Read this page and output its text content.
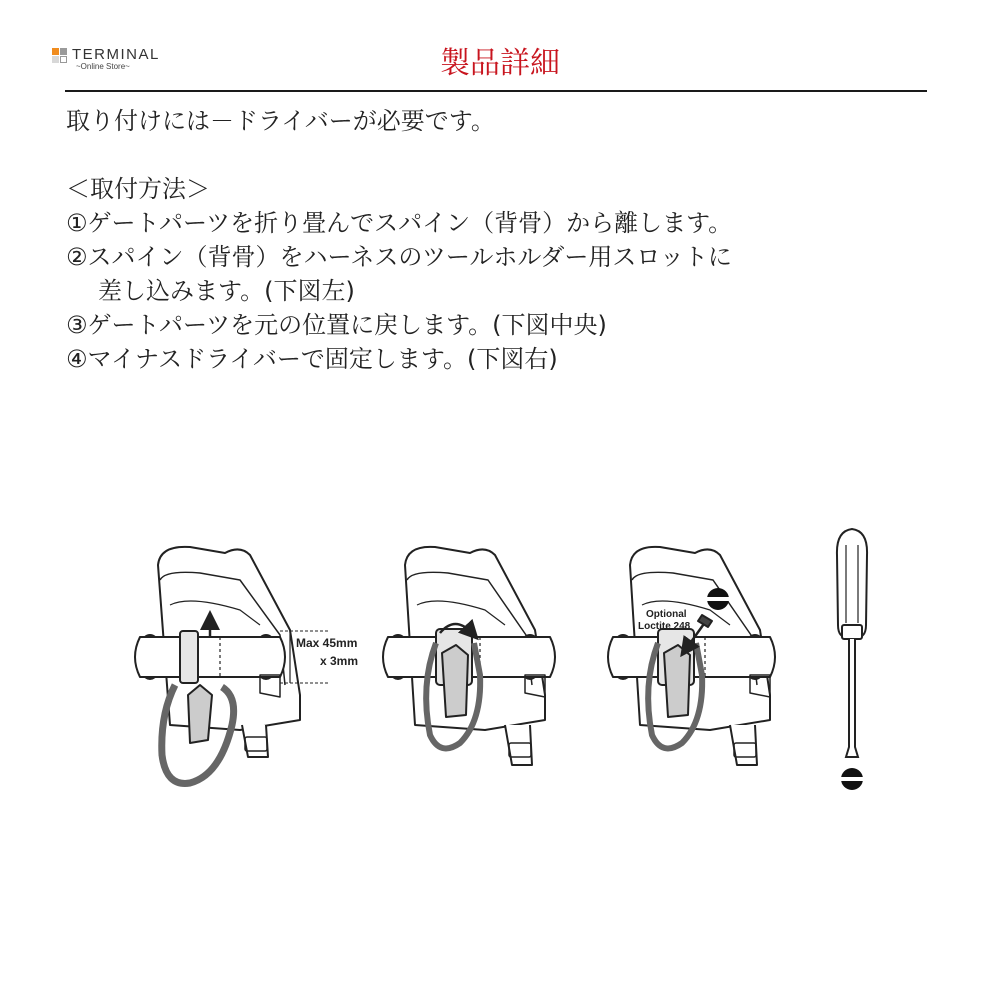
TERMINAL
~Online Store~	製品詳細

取り付けには－ドライバーが必要です。

＜取付方法＞

①ゲートパーツを折り畳んでスパイン（背骨）から離します。

②スパイン（背骨）をハーネスのツールホルダー用スロットに

差し込みます。(下図左)

③ゲートパーツを元の位置に戻します。(下図中央)

④マイナスドライバーで固定します。(下図右)

Max 45mm
x 3mm
Optional
Loctite 248
